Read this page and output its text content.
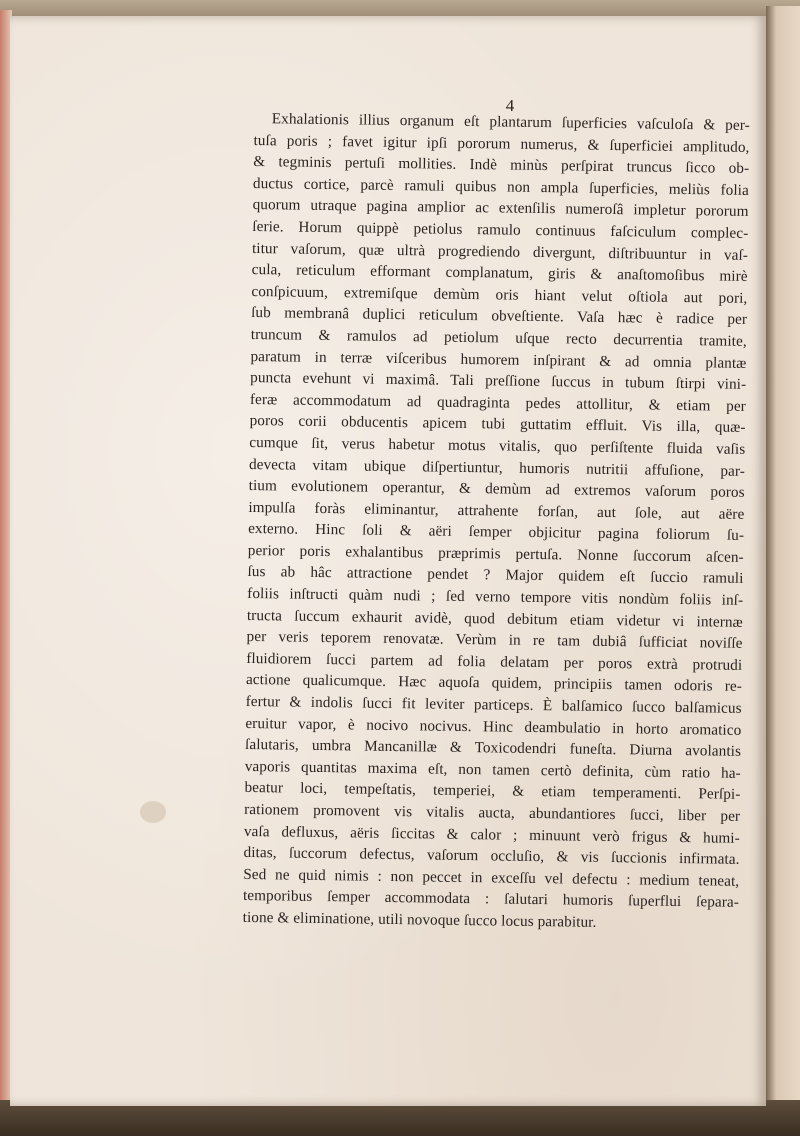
4
Exhalationis illius organum eſt plantarum ſuperficies vaſculoſa & per-
tuſa poris ; favet igitur ipſi pororum numerus, & ſuperficiei amplitudo,
& tegminis pertuſi mollities. Indè minùs perſpirat truncus ſicco ob-
ductus cortice, parcè ramuli quibus non ampla ſuperficies, meliùs folia
quorum utraque pagina amplior ac extenſilis numeroſâ impletur pororum
ſerie. Horum quippè petiolus ramulo continuus faſciculum complec-
titur vaſorum, quæ ultrà progrediendo divergunt, diſtribuuntur in vaſ-
cula, reticulum efformant complanatum, giris & anaſtomoſibus mirè
conſpicuum, extremiſque demùm oris hiant velut oſtiola aut pori,
ſub membranâ duplici reticulum obveſtiente. Vaſa hæc è radice per
truncum & ramulos ad petiolum uſque recto decurrentia tramite,
paratum in terræ viſceribus humorem inſpirant & ad omnia plantæ
puncta evehunt vi maximâ. Tali preſſione ſuccus in tubum ſtirpi vini-
feræ accommodatum ad quadraginta pedes attollitur, & etiam per
poros corii obducentis apicem tubi guttatim effluit. Vis illa, quæ-
cumque ſit, verus habetur motus vitalis, quo perſiſtente fluida vaſis
devecta vitam ubique diſpertiuntur, humoris nutritii affuſione, par-
tium evolutionem operantur, & demùm ad extremos vaſorum poros
impulſa foràs eliminantur, attrahente forſan, aut ſole, aut aëre
externo. Hinc ſoli & aëri ſemper objicitur pagina foliorum ſu-
perior poris exhalantibus præprimis pertuſa. Nonne ſuccorum aſcen-
ſus ab hâc attractione pendet ? Major quidem eſt ſuccio ramuli
foliis inſtructi quàm nudi ; ſed verno tempore vitis nondùm foliis inſ-
tructa ſuccum exhaurit avidè, quod debitum etiam videtur vi internæ
per veris teporem renovatæ. Verùm in re tam dubiâ ſufficiat noviſſe
fluidiorem ſucci partem ad folia delatam per poros extrà protrudi
actione qualicumque. Hæc aquoſa quidem, principiis tamen odoris re-
fertur & indolis ſucci fit leviter particeps. È balſamico ſucco balſamicus
eruitur vapor, è nocivo nocivus. Hinc deambulatio in horto aromatico
ſalutaris, umbra Mancanillæ & Toxicodendri funeſta. Diurna avolantis
vaporis quantitas maxima eſt, non tamen certò definita, cùm ratio ha-
beatur loci, tempeſtatis, temperiei, & etiam temperamenti. Perſpi-
rationem promovent vis vitalis aucta, abundantiores ſucci, liber per
vaſa defluxus, aëris ſiccitas & calor ; minuunt verò frigus & humi-
ditas, ſuccorum defectus, vaſorum occluſio, & vis ſuccionis infirmata.
Sed ne quid nimis : non peccet in exceſſu vel defectu : medium teneat,
temporibus ſemper accommodata : ſalutari humoris ſuperflui ſepara-
tione & eliminatione, utili novoque ſucco locus parabitur.
